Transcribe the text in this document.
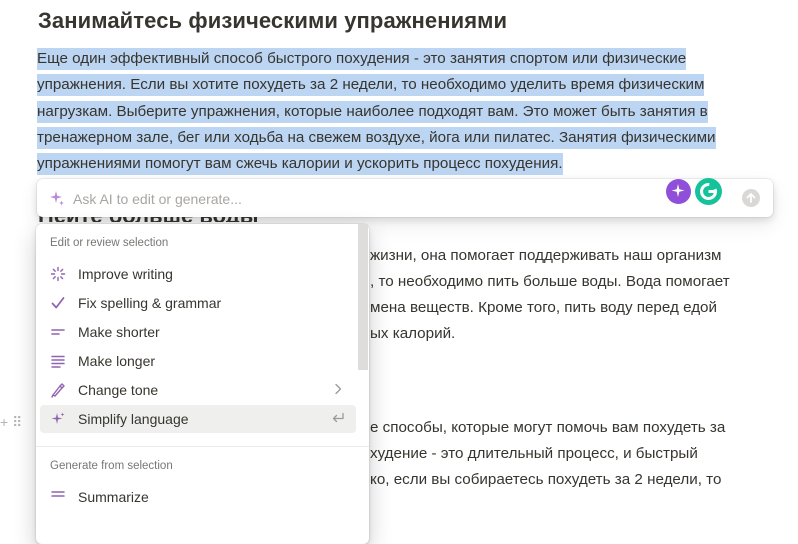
Занимайтесь физическими упражнениями
Еще один эффективный способ быстрого похудения - это занятия спортом или физические
упражнения. Если вы хотите похудеть за 2 недели, то необходимо уделить время физическим
нагрузкам. Выберите упражнения, которые наиболее подходят вам. Это может быть занятия в
тренажерном зале, бег или ходьба на свежем воздухе, йога или пилатес. Занятия физическими
упражнениями помогут вам сжечь калории и ускорить процесс похудения.
жизни, она помогает поддерживать наш организм
, то необходимо пить больше воды. Вода помогает
мена веществ. Кроме того, пить воду перед едой
ых калорий.
е способы, которые могут помочь вам похудеть за
худение - это длительный процесс, и быстрый
ко, если вы собираетесь похудеть за 2 недели, то
+ ⠿
Ask AI to edit or generate...
Edit or review selection
Improve writing
Fix spelling & grammar
Make shorter
Make longer
Change tone
Simplify language
Generate from selection
Summarize
